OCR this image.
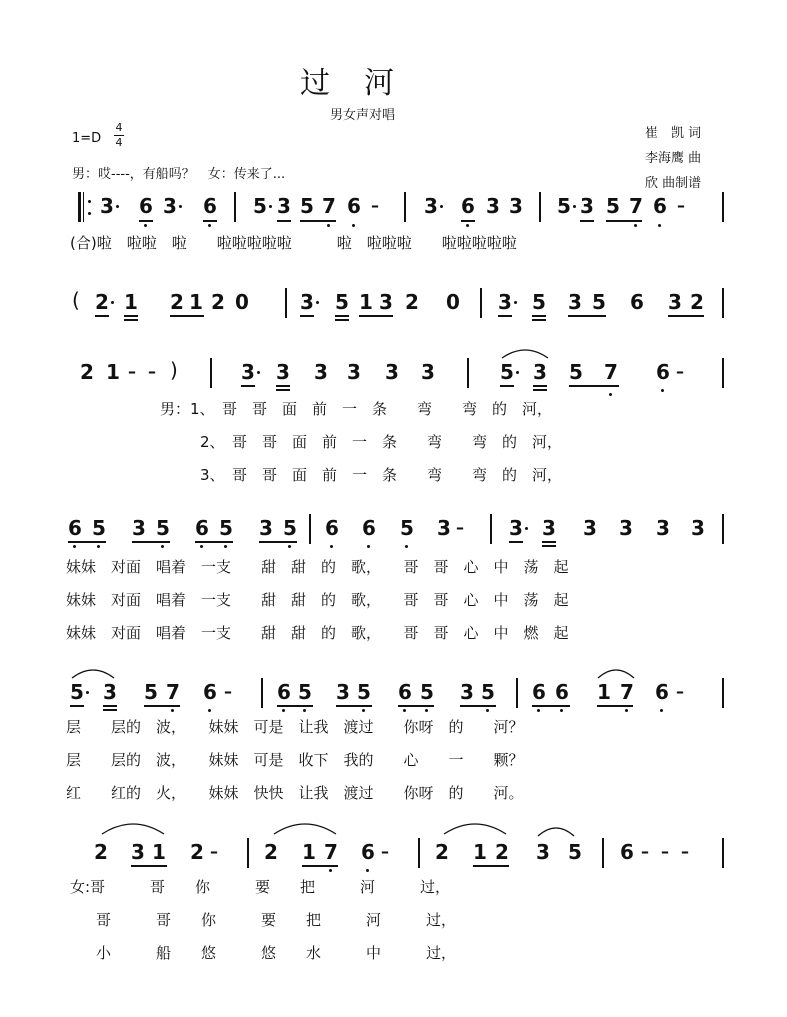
过　河
男女声对唱
1=D
4
4
男：哎----，有船吗？　女：传来了...
崔　凯 词
李海鹰 曲
欣 曲制谱
3 6 3 6 5 3 5 7 6 – 3 6 3 3 5 3 5 7 6 –
(合)啦　啦啦　啦　　啦啦啦啦啦　　　啦　啦啦啦　　啦啦啦啦啦
( 2 1 2 1 2 0	3 5 1 3 2 0 3 5 3 5 6 3 2
2 1 – – )	3 3 3 3 3 3	5 3 5 7 6 –
男：1、　哥　哥　面　前　一　条　　弯　　弯　的　河，
2、　哥　哥　面　前　一　条　　弯　　弯　的　河，
3、　哥　哥　面　前　一　条　　弯　　弯　的　河，
6 5 3 5 6 5 3 5 6 6 5 3 – 3 3 3 3 3 3
妹妹　对面　唱着　一支　　甜　甜　的　歌，　　哥　哥　心　中　荡　起
妹妹　对面　唱着　一支　　甜　甜　的　歌，　　哥　哥　心　中　荡　起
妹妹　对面　唱着　一支　　甜　甜　的　歌，　　哥　哥　心　中　燃　起
5 3 5 7 6 – 6 5 3 5 6 5 3 5 6 6 1 7 6 –
层　　层的　波，　　妹妹　可是　让我　渡过　　你呀　的　　河？
层　　层的　波，　　妹妹　可是　收下　我的　　心　　一　　颗？
红　　红的　火，　　妹妹　快快　让我　渡过　　你呀　的　　河。
2 3 1 2 – 2 1 7 6 – 2 1 2 3 5 6 – – –
女:哥　　　哥　　你　　　要　　把　　　河　　　过，
哥　　　哥　　你　　　要　　把　　　河　　　过，
小　　　船　　悠　　　悠　　水　　　中　　　过，
